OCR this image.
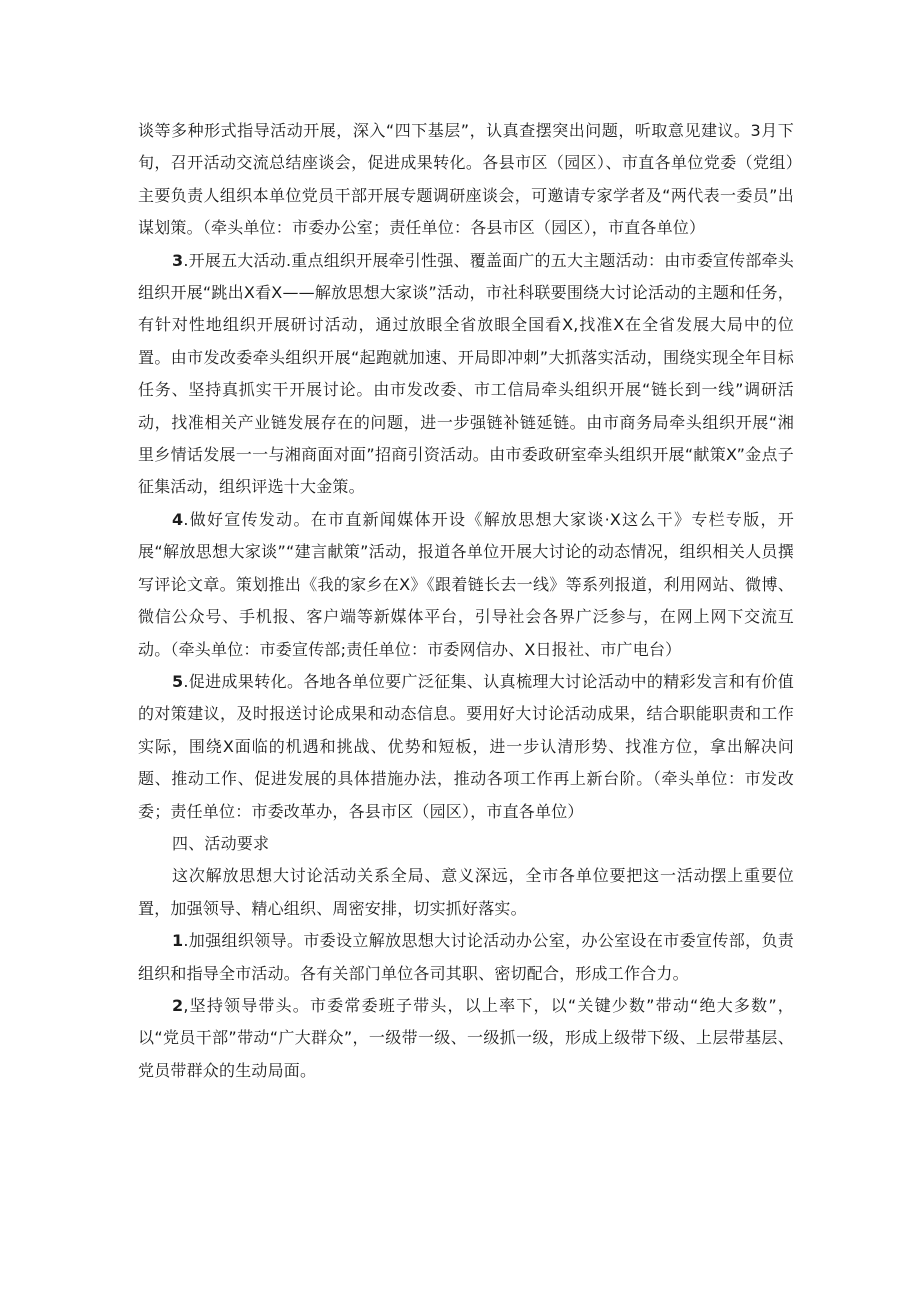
谈等多种形式指导活动开展，深入“四下基层”，认真查摆突出问题，听取意见建议。3月下旬，召开活动交流总结座谈会，促进成果转化。各县市区（园区）、市直各单位党委（党组）主要负责人组织本单位党员干部开展专题调研座谈会，可邀请专家学者及“两代表一委员”出谋划策。（牵头单位：市委办公室；责任单位：各县市区（园区），市直各单位）

3.开展五大活动.重点组织开展牵引性强、覆盖面广的五大主题活动：由市委宣传部牵头组织开展“跳出X看X——解放思想大家谈”活动，市社科联要围绕大讨论活动的主题和任务，有针对性地组织开展研讨活动，通过放眼全省放眼全国看X,找准X在全省发展大局中的位置。由市发改委牵头组织开展“起跑就加速、开局即冲刺”大抓落实活动，围绕实现全年目标任务、坚持真抓实干开展讨论。由市发改委、市工信局牵头组织开展“链长到一线”调研活动，找准相关产业链发展存在的问题，进一步强链补链延链。由市商务局牵头组织开展“湘里乡情话发展一一与湘商面对面”招商引资活动。由市委政研室牵头组织开展“献策X”金点子征集活动，组织评选十大金策。

4.做好宣传发动。在市直新闻媒体开设《解放思想大家谈·X这么干》专栏专版，开展“解放思想大家谈”“建言献策”活动，报道各单位开展大讨论的动态情况，组织相关人员撰写评论文章。策划推出《我的家乡在X》《跟着链长去一线》等系列报道，利用网站、微博、微信公众号、手机报、客户端等新媒体平台，引导社会各界广泛参与，在网上网下交流互动。（牵头单位：市委宣传部;责任单位：市委网信办、X日报社、市广电台）

5.促进成果转化。各地各单位要广泛征集、认真梳理大讨论活动中的精彩发言和有价值的对策建议，及时报送讨论成果和动态信息。要用好大讨论活动成果，结合职能职责和工作实际，围绕X面临的机遇和挑战、优势和短板，进一步认清形势、找准方位，拿出解决问题、推动工作、促进发展的具体措施办法，推动各项工作再上新台阶。（牵头单位：市发改委；责任单位：市委改革办，各县市区（园区），市直各单位）

四、活动要求

这次解放思想大讨论活动关系全局、意义深远，全市各单位要把这一活动摆上重要位置，加强领导、精心组织、周密安排，切实抓好落实。

1.加强组织领导。市委设立解放思想大讨论活动办公室，办公室设在市委宣传部，负责组织和指导全市活动。各有关部门单位各司其职、密切配合，形成工作合力。

2,坚持领导带头。市委常委班子带头，以上率下，以“关键少数”带动“绝大多数”，以“党员干部”带动“广大群众”，一级带一级、一级抓一级，形成上级带下级、上层带基层、党员带群众的生动局面。
